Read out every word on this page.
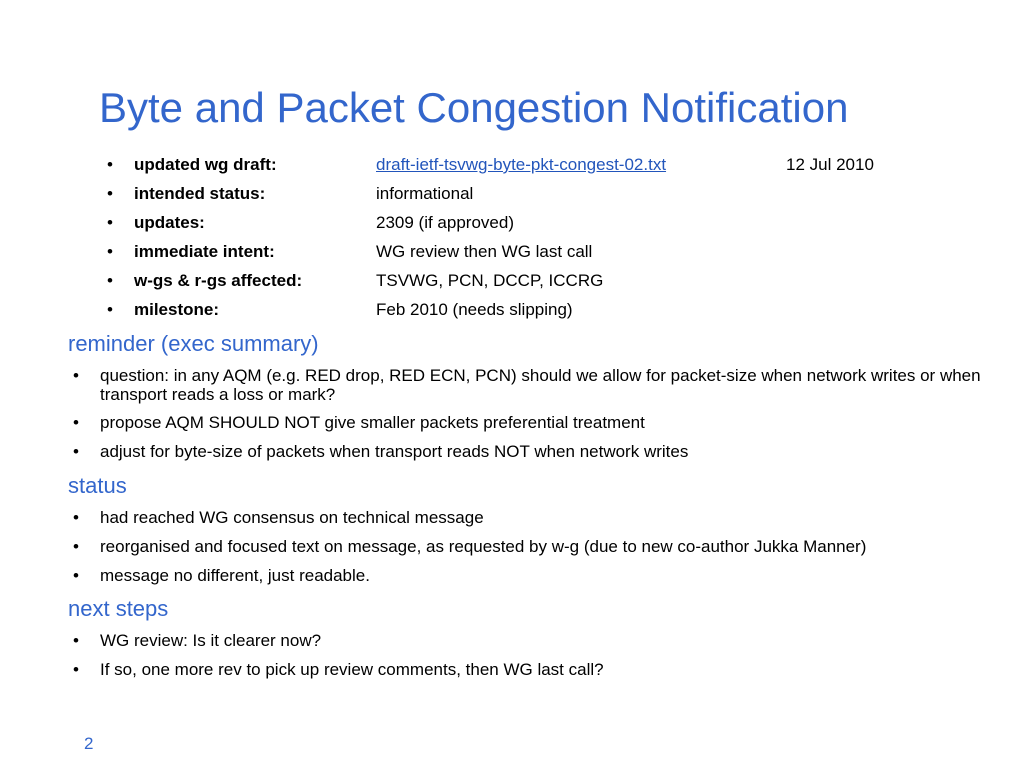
Byte and Packet Congestion Notification
• updated wg draft:	draft-ietf-tsvwg-byte-pkt-congest-02.txt	12 Jul 2010
• intended status:	informational
• updates:	2309 (if approved)
• immediate intent:	WG review then WG last call
• w-gs & r-gs affected:	TSVWG, PCN, DCCP, ICCRG
• milestone:	Feb 2010 (needs slipping)
reminder (exec summary)
• question: in any AQM (e.g. RED drop, RED ECN, PCN) should we allow for packet-size when network writes or when transport reads a loss or mark?
• propose AQM SHOULD NOT give smaller packets preferential treatment
• adjust for byte-size of packets when transport reads NOT when network writes
status
• had reached WG consensus on technical message
• reorganised and focused text on message, as requested by w-g (due to new co-author Jukka Manner)
• message no different, just readable.
next steps
• WG review: Is it clearer now?
• If so, one more rev to pick up review comments, then WG last call?
2
